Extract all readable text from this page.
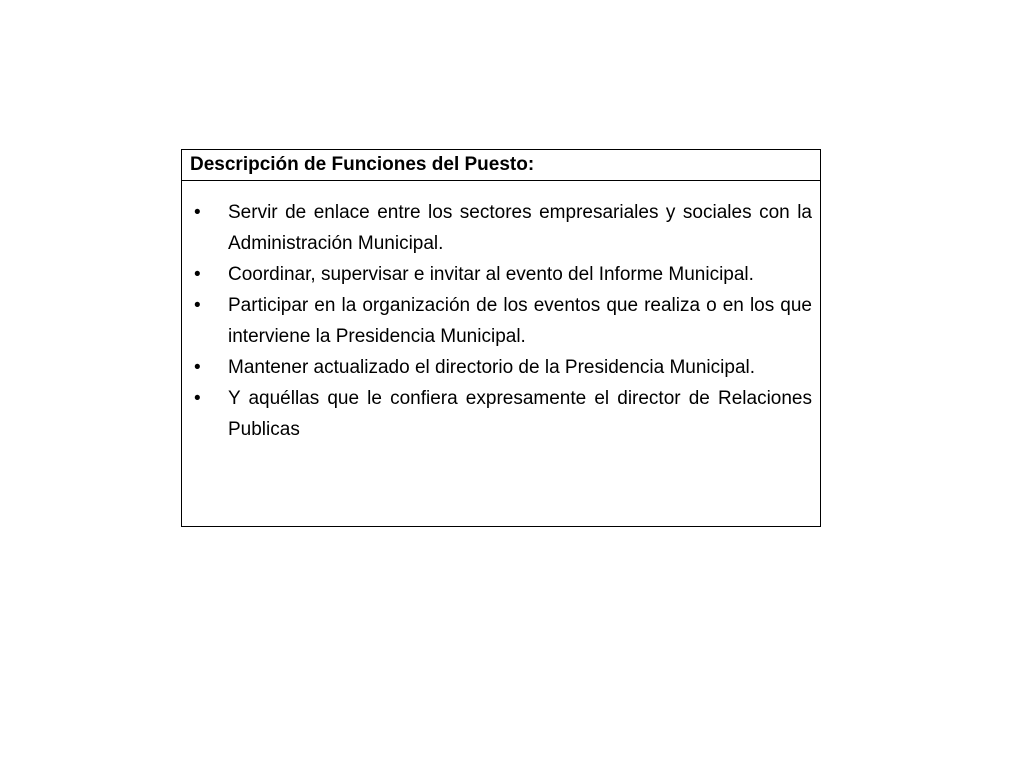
Descripción de Funciones del Puesto:
•	Servir de enlace entre los sectores empresariales y sociales con la Administración Municipal.
•	Coordinar, supervisar e invitar al evento del Informe Municipal.
•	Participar en la organización de los eventos que realiza o en los que interviene la Presidencia Municipal.
•	Mantener actualizado el directorio de la Presidencia Municipal.
•	Y aquéllas que le confiera expresamente el director de Relaciones Publicas
